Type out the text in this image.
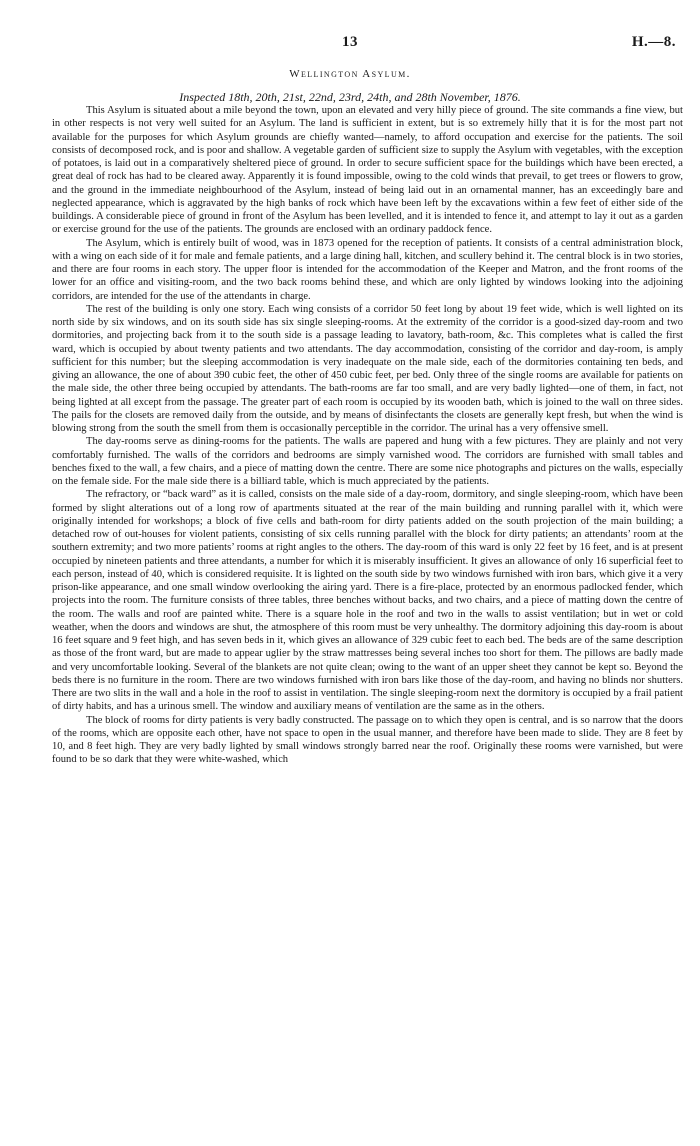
13	H.—8.
Wellington Asylum.
Inspected 18th, 20th, 21st, 22nd, 23rd, 24th, and 28th November, 1876.

This Asylum is situated about a mile beyond the town, upon an elevated and very hilly piece of ground. The site commands a fine view, but in other respects is not very well suited for an Asylum. The land is sufficient in extent, but is so extremely hilly that it is for the most part not available for the purposes for which Asylum grounds are chiefly wanted—namely, to afford occupation and exercise for the patients. The soil consists of decomposed rock, and is poor and shallow. A vegetable garden of sufficient size to supply the Asylum with vegetables, with the exception of potatoes, is laid out in a comparatively sheltered piece of ground. In order to secure sufficient space for the buildings which have been erected, a great deal of rock has had to be cleared away. Apparently it is found impossible, owing to the cold winds that prevail, to get trees or flowers to grow, and the ground in the immediate neighbourhood of the Asylum, instead of being laid out in an ornamental manner, has an exceedingly bare and neglected appearance, which is aggravated by the high banks of rock which have been left by the excavations within a few feet of either side of the buildings. A considerable piece of ground in front of the Asylum has been levelled, and it is intended to fence it, and attempt to lay it out as a garden or exercise ground for the use of the patients. The grounds are enclosed with an ordinary paddock fence.

The Asylum, which is entirely built of wood, was in 1873 opened for the reception of patients. It consists of a central administration block, with a wing on each side of it for male and female patients, and a large dining hall, kitchen, and scullery behind it. The central block is in two stories, and there are four rooms in each story. The upper floor is intended for the accommodation of the Keeper and Matron, and the front rooms of the lower for an office and visiting-room, and the two back rooms behind these, and which are only lighted by windows looking into the adjoining corridors, are intended for the use of the attendants in charge.

The rest of the building is only one story. Each wing consists of a corridor 50 feet long by about 19 feet wide, which is well lighted on its north side by six windows, and on its south side has six single sleeping-rooms. At the extremity of the corridor is a good-sized day-room and two dormitories, and projecting back from it to the south side is a passage leading to lavatory, bath-room, &c. This completes what is called the first ward, which is occupied by about twenty patients and two attendants. The day accommodation, consisting of the corridor and day-room, is amply sufficient for this number; but the sleeping accommodation is very inadequate on the male side, each of the dormitories containing ten beds, and giving an allowance, the one of about 390 cubic feet, the other of 450 cubic feet, per bed. Only three of the single rooms are available for patients on the male side, the other three being occupied by attendants. The bath-rooms are far too small, and are very badly lighted—one of them, in fact, not being lighted at all except from the passage. The greater part of each room is occupied by its wooden bath, which is joined to the wall on three sides. The pails for the closets are removed daily from the outside, and by means of disinfectants the closets are generally kept fresh, but when the wind is blowing strong from the south the smell from them is occasionally perceptible in the corridor. The urinal has a very offensive smell.

The day-rooms serve as dining-rooms for the patients. The walls are papered and hung with a few pictures. They are plainly and not very comfortably furnished. The walls of the corridors and bedrooms are simply varnished wood. The corridors are furnished with small tables and benches fixed to the wall, a few chairs, and a piece of matting down the centre. There are some nice photographs and pictures on the walls, especially on the female side. For the male side there is a billiard table, which is much appreciated by the patients.

The refractory, or “back ward” as it is called, consists on the male side of a day-room, dormitory, and single sleeping-room, which have been formed by slight alterations out of a long row of apartments situated at the rear of the main building and running parallel with it, which were originally intended for workshops; a block of five cells and bath-room for dirty patients added on the south projection of the main building; a detached row of out-houses for violent patients, consisting of six cells running parallel with the block for dirty patients; an attendants’ room at the southern extremity; and two more patients’ rooms at right angles to the others. The day-room of this ward is only 22 feet by 16 feet, and is at present occupied by nineteen patients and three attendants, a number for which it is miserably insufficient. It gives an allowance of only 16 superficial feet to each person, instead of 40, which is considered requisite. It is lighted on the south side by two windows furnished with iron bars, which give it a very prison-like appearance, and one small window overlooking the airing yard. There is a fire-place, protected by an enormous padlocked fender, which projects into the room. The furniture consists of three tables, three benches without backs, and two chairs, and a piece of matting down the centre of the room. The walls and roof are painted white. There is a square hole in the roof and two in the walls to assist ventilation; but in wet or cold weather, when the doors and windows are shut, the atmosphere of this room must be very unhealthy. The dormitory adjoining this day-room is about 16 feet square and 9 feet high, and has seven beds in it, which gives an allowance of 329 cubic feet to each bed. The beds are of the same description as those of the front ward, but are made to appear uglier by the straw mattresses being several inches too short for them. The pillows are badly made and very uncomfortable looking. Several of the blankets are not quite clean; owing to the want of an upper sheet they cannot be kept so. Beyond the beds there is no furniture in the room. There are two windows furnished with iron bars like those of the day-room, and having no blinds nor shutters. There are two slits in the wall and a hole in the roof to assist in ventilation. The single sleeping-room next the dormitory is occupied by a frail patient of dirty habits, and has a urinous smell. The window and auxiliary means of ventilation are the same as in the others.

The block of rooms for dirty patients is very badly constructed. The passage on to which they open is central, and is so narrow that the doors of the rooms, which are opposite each other, have not space to open in the usual manner, and therefore have been made to slide. They are 8 feet by 10, and 8 feet high. They are very badly lighted by small windows strongly barred near the roof. Originally these rooms were varnished, but were found to be so dark that they were white-washed, which
